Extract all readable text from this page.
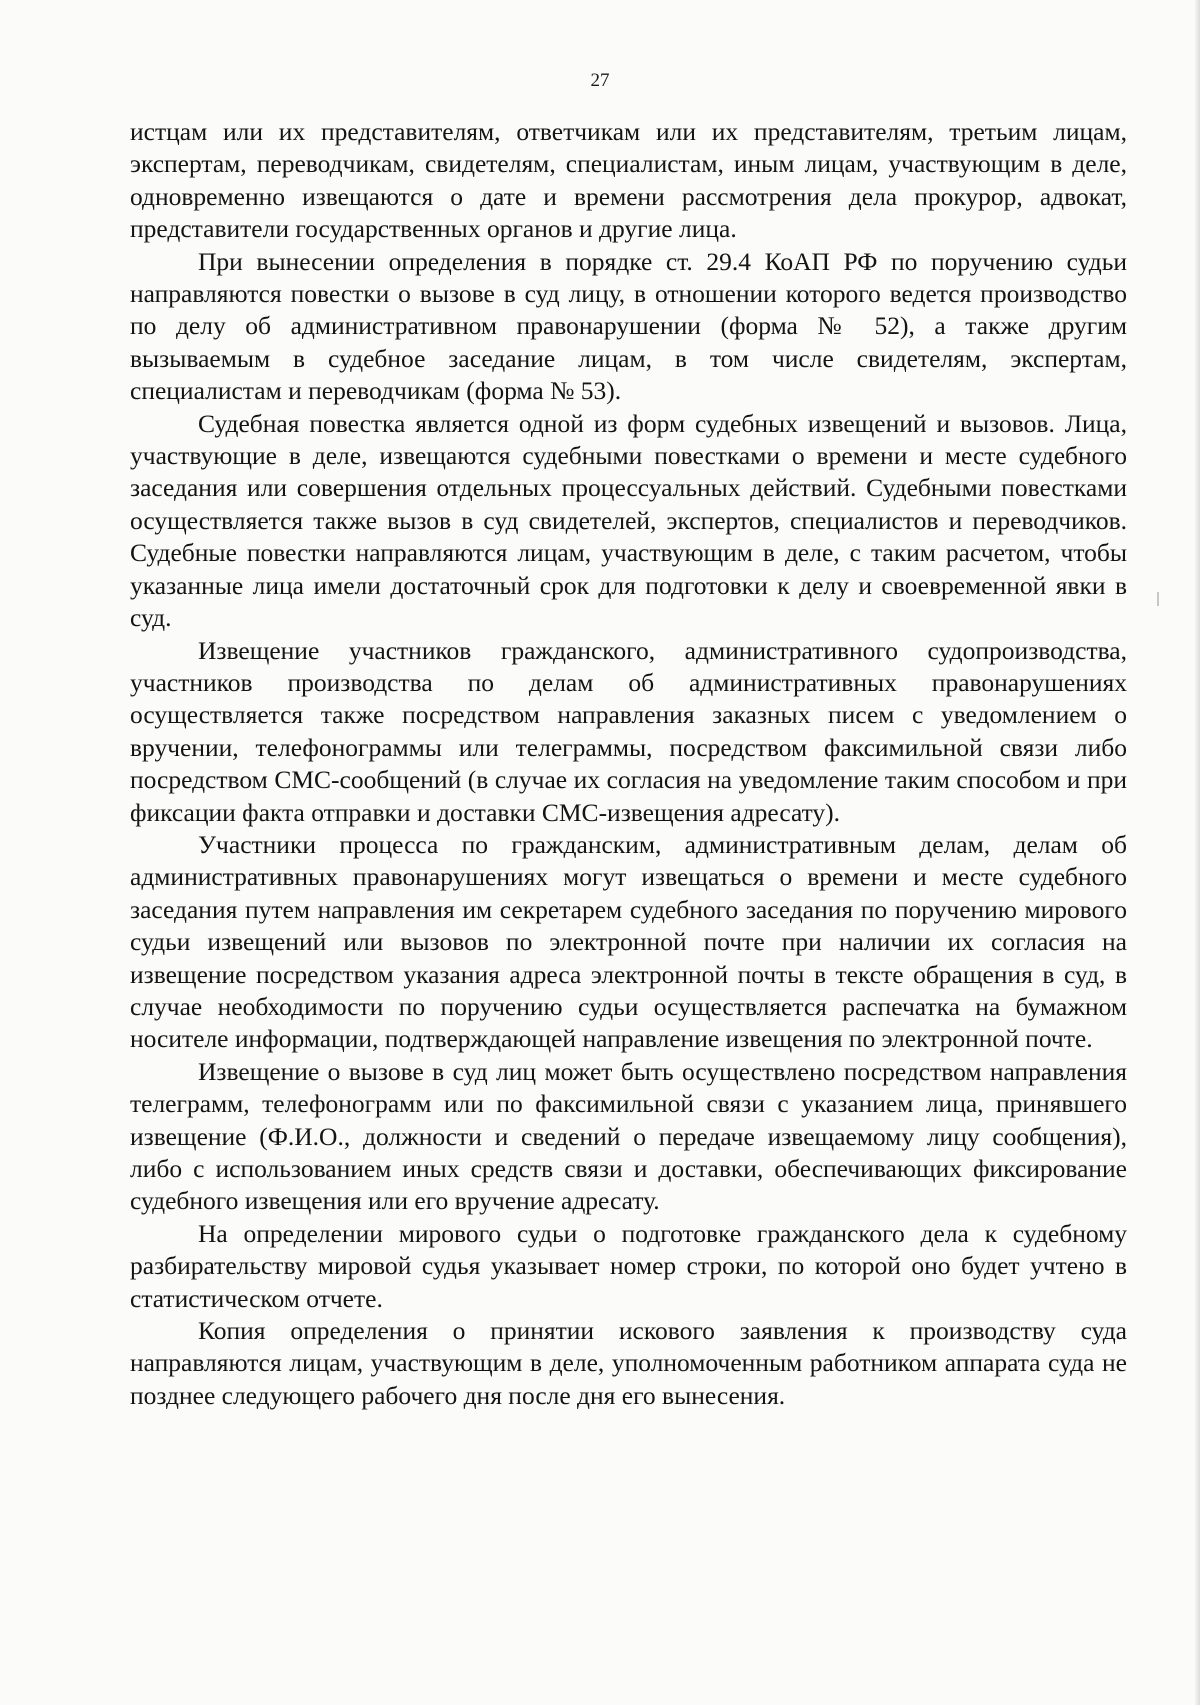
27

истцам или их представителям, ответчикам или их представителям, третьим лицам, экспертам, переводчикам, свидетелям, специалистам, иным лицам, участвующим в деле, одновременно извещаются о дате и времени рассмотрения дела прокурор, адвокат, представители государственных органов и другие лица.

При вынесении определения в порядке ст. 29.4 КоАП РФ по поручению судьи направляются повестки о вызове в суд лицу, в отношении которого ведется производство по делу об административном правонарушении (форма № 52), а также другим вызываемым в судебное заседание лицам, в том числе свидетелям, экспертам, специалистам и переводчикам (форма № 53).

Судебная повестка является одной из форм судебных извещений и вызовов. Лица, участвующие в деле, извещаются судебными повестками о времени и месте судебного заседания или совершения отдельных процессуальных действий. Судебными повестками осуществляется также вызов в суд свидетелей, экспертов, специалистов и переводчиков. Судебные повестки направляются лицам, участвующим в деле, с таким расчетом, чтобы указанные лица имели достаточный срок для подготовки к делу и своевременной явки в суд.

Извещение участников гражданского, административного судопроизводства, участников производства по делам об административных правонарушениях осуществляется также посредством направления заказных писем с уведомлением о вручении, телефонограммы или телеграммы, посредством факсимильной связи либо посредством СМС-сообщений (в случае их согласия на уведомление таким способом и при фиксации факта отправки и доставки СМС-извещения адресату).

Участники процесса по гражданским, административным делам, делам об административных правонарушениях могут извещаться о времени и месте судебного заседания путем направления им секретарем судебного заседания по поручению мирового судьи извещений или вызовов по электронной почте при наличии их согласия на извещение посредством указания адреса электронной почты в тексте обращения в суд, в случае необходимости по поручению судьи осуществляется распечатка на бумажном носителе информации, подтверждающей направление извещения по электронной почте.

Извещение о вызове в суд лиц может быть осуществлено посредством направления телеграмм, телефонограмм или по факсимильной связи с указанием лица, принявшего извещение (Ф.И.О., должности и сведений о передаче извещаемому лицу сообщения), либо с использованием иных средств связи и доставки, обеспечивающих фиксирование судебного извещения или его вручение адресату.

На определении мирового судьи о подготовке гражданского дела к судебному разбирательству мировой судья указывает номер строки, по которой оно будет учтено в статистическом отчете.

Копия определения о принятии искового заявления к производству суда направляются лицам, участвующим в деле, уполномоченным работником аппарата суда не позднее следующего рабочего дня после дня его вынесения.
